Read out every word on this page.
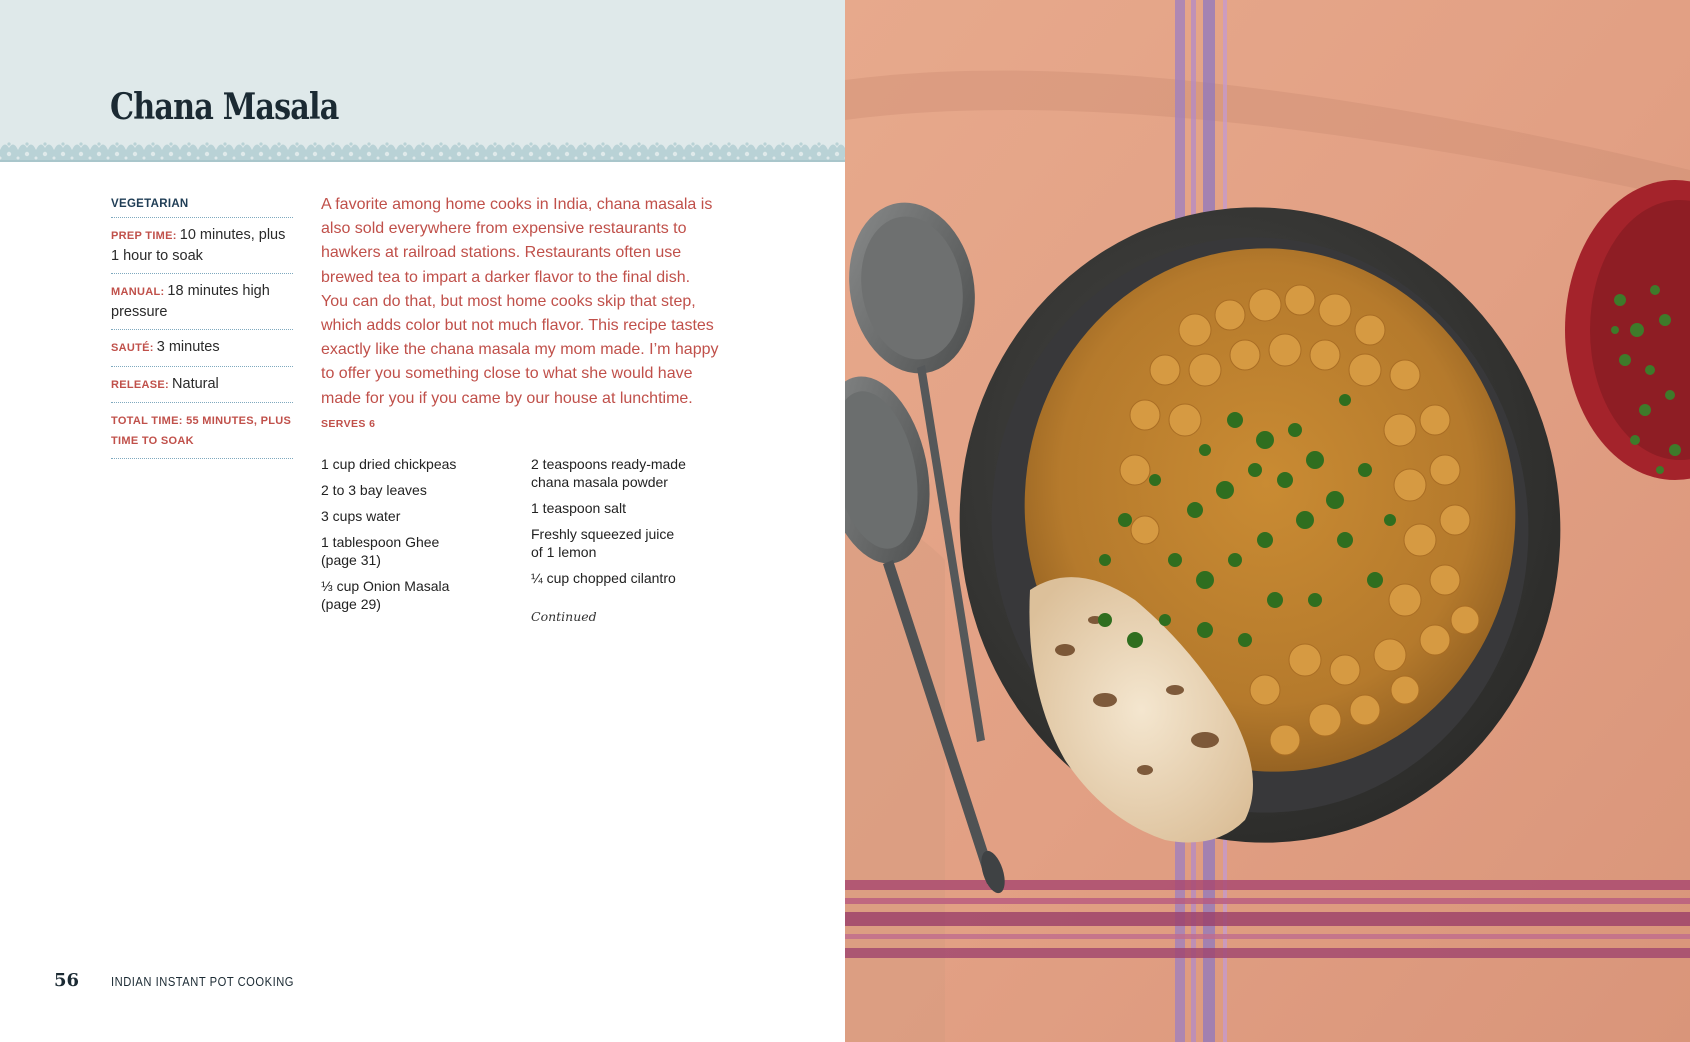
Chana Masala
VEGETARIAN
PREP TIME: 10 minutes, plus 1 hour to soak
MANUAL: 18 minutes high pressure
SAUTÉ: 3 minutes
RELEASE: Natural
TOTAL TIME: 55 MINUTES, PLUS TIME TO SOAK

A favorite among home cooks in India, chana masala is also sold everywhere from expensive restaurants to hawkers at railroad stations. Restaurants often use brewed tea to impart a darker flavor to the final dish. You can do that, but most home cooks skip that step, which adds color but not much flavor. This recipe tastes exactly like the chana masala my mom made. I’m happy to offer you something close to what she would have made for you if you came by our house at lunchtime. SERVES 6

1 cup dried chickpeas
2 to 3 bay leaves
3 cups water
1 tablespoon Ghee (page 31)
⅓ cup Onion Masala (page 29)
2 teaspoons ready-made chana masala powder
1 teaspoon salt
Freshly squeezed juice of 1 lemon
¼ cup chopped cilantro
Continued
56 INDIAN INSTANT POT COOKING
